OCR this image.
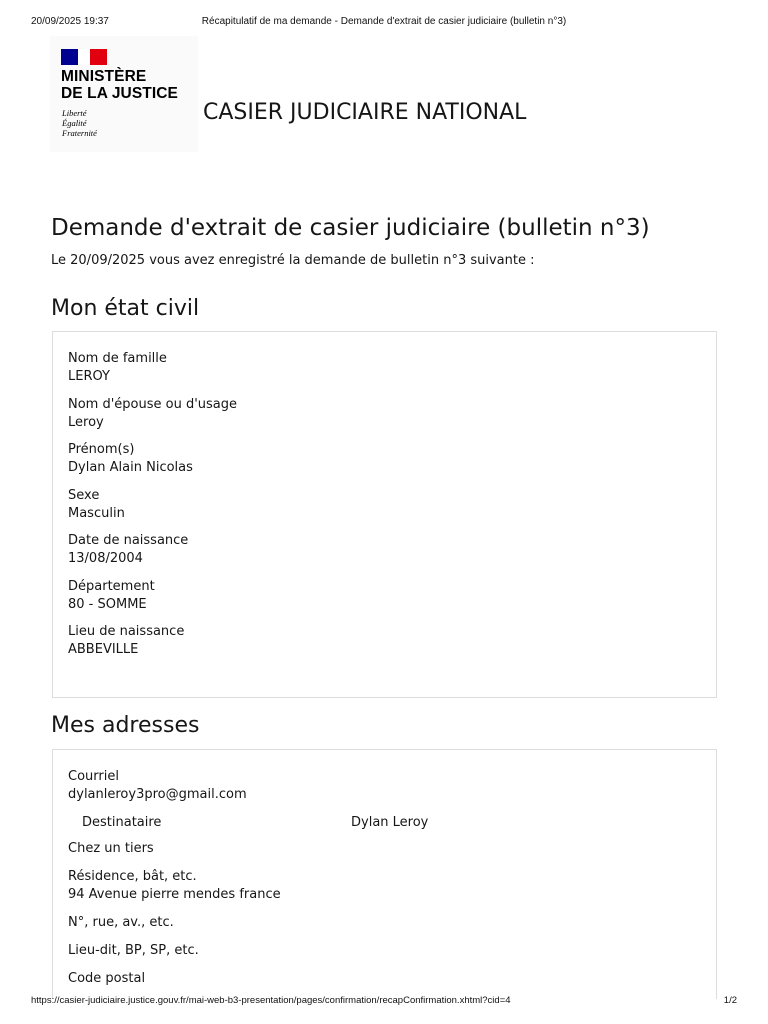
20/09/2025 19:37	Récapitulatif de ma demande - Demande d'extrait de casier judiciaire (bulletin n°3)
MINISTÈRE
DE LA JUSTICE
Liberté
Égalité
Fraternité
CASIER JUDICIAIRE NATIONAL
Demande d'extrait de casier judiciaire (bulletin n°3)

Le 20/09/2025 vous avez enregistré la demande de bulletin n°3 suivante :

Mon état civil
Nom de famille
LEROY
Nom d'épouse ou d'usage
Leroy
Prénom(s)
Dylan Alain Nicolas
Sexe
Masculin
Date de naissance
13/08/2004
Département
80 - SOMME
Lieu de naissance
ABBEVILLE
Mes adresses
Courriel
dylanleroy3pro@gmail.com
Destinataire	Dylan Leroy
Chez un tiers
Résidence, bât, etc.
94 Avenue pierre mendes france
N°, rue, av., etc.
Lieu-dit, BP, SP, etc.
Code postal
https://casier-judiciaire.justice.gouv.fr/mai-web-b3-presentation/pages/confirmation/recapConfirmation.xhtml?cid=4	1/2
